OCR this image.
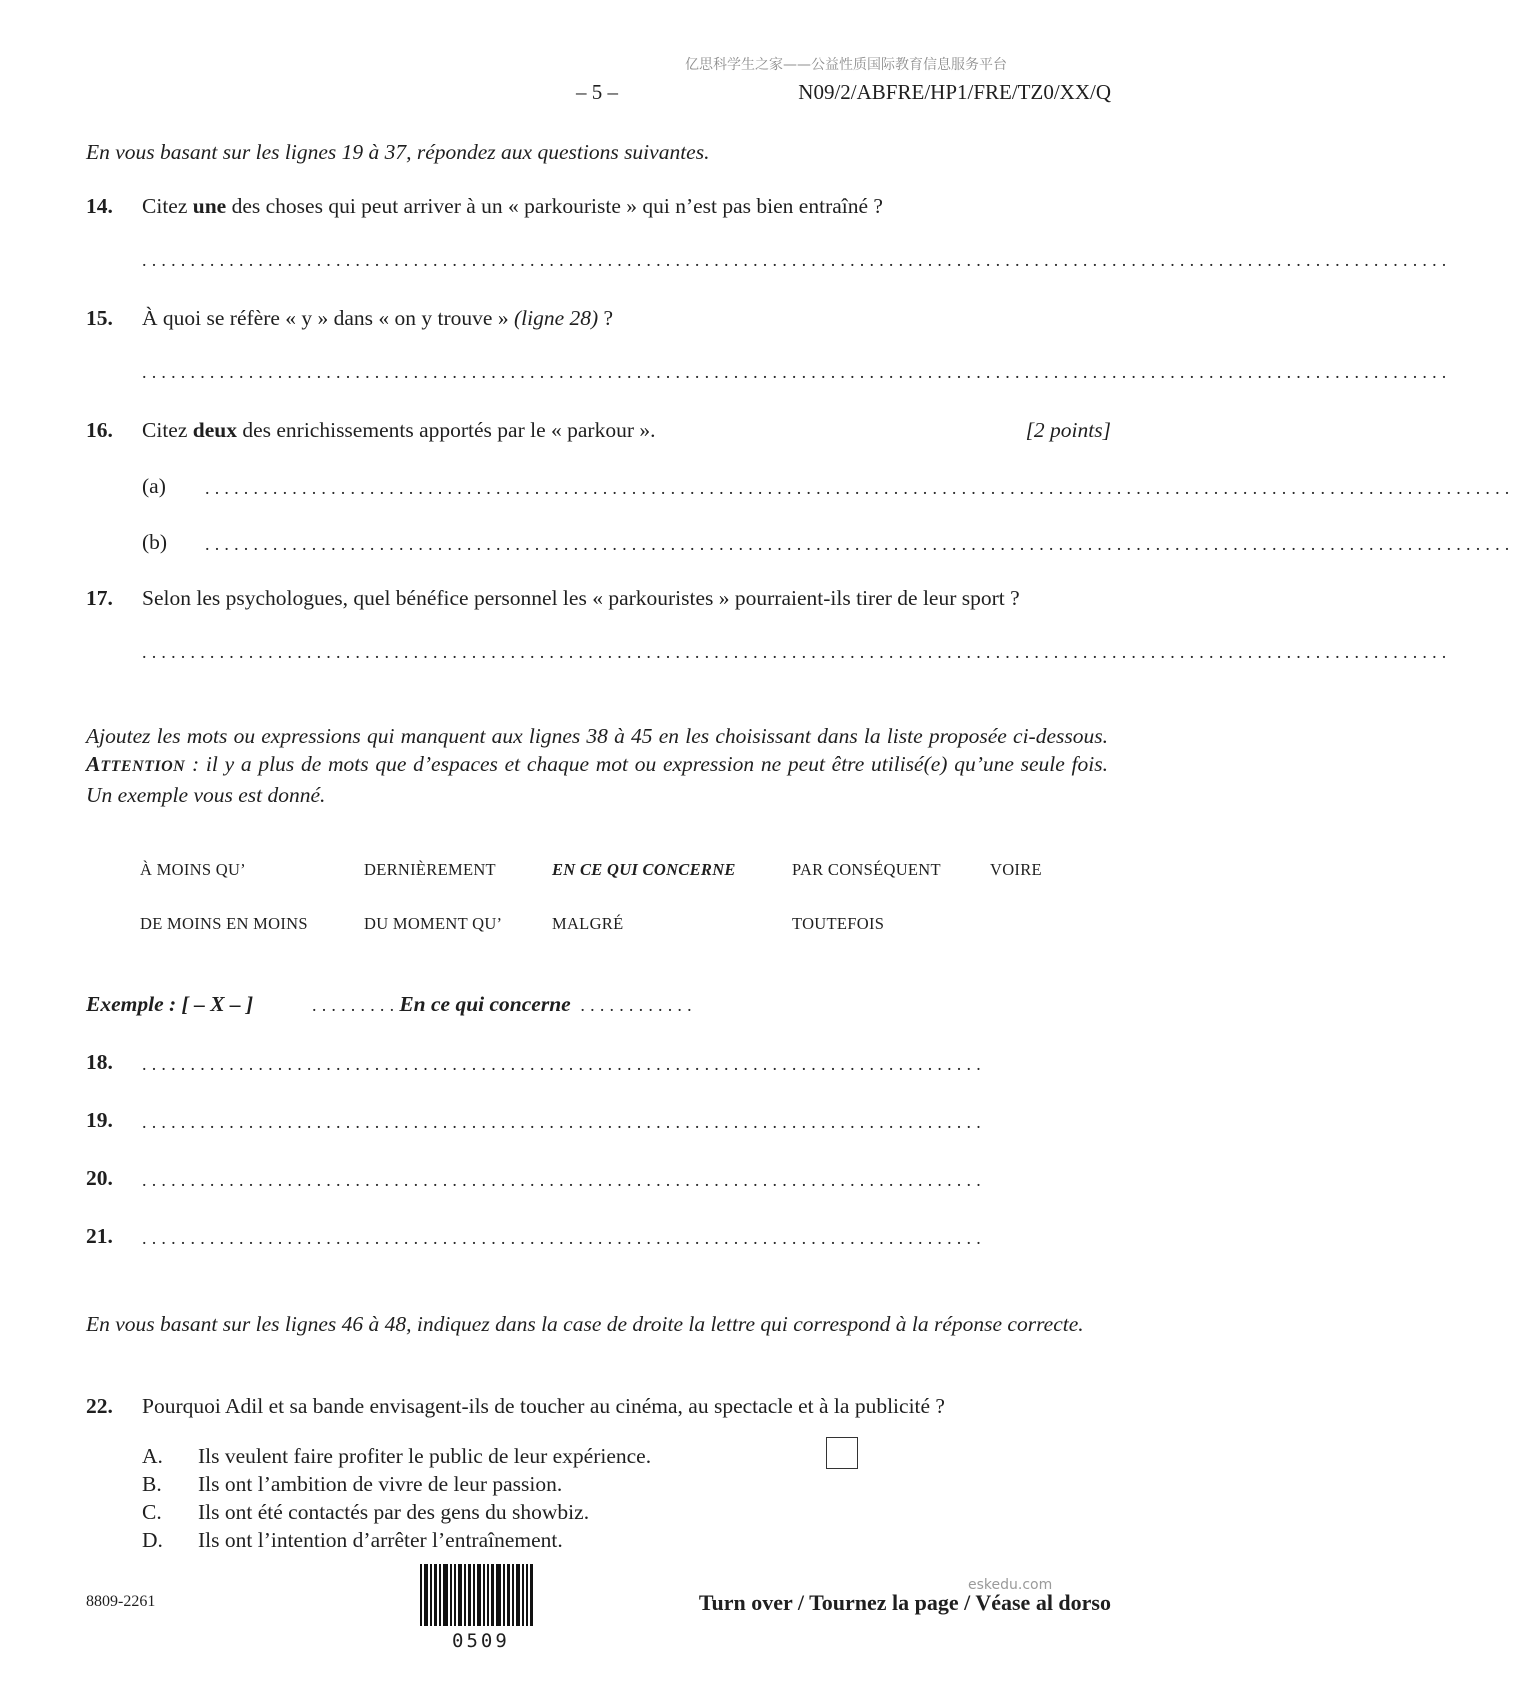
亿思科学生之家——公益性质国际教育信息服务平台
– 5 –	N09/2/ABFRE/HP1/FRE/TZ0/XX/Q
En vous basant sur les lignes 19 à 37, répondez aux questions suivantes.
14. Citez une des choses qui peut arriver à un « parkouriste » qui n’est pas bien entraîné ?
.......................................................................................................................................
15. À quoi se réfère « y » dans « on y trouve » (ligne 28) ?
.......................................................................................................................................
16. Citez deux des enrichissements apportés par le « parkour ».	[2 points]
(a) .......................................................................................................................................
(b) .......................................................................................................................................
17. Selon les psychologues, quel bénéfice personnel les « parkouristes » pourraient-ils tirer de leur sport ?
.......................................................................................................................................
Ajoutez les mots ou expressions qui manquent aux lignes 38 à 45 en les choisissant dans la liste proposée ci-dessous. ATTENTION : il y a plus de mots que d’espaces et chaque mot ou expression ne peut être utilisé(e) qu’une seule fois. Un exemple vous est donné.
À MOINS QU’	DERNIÈREMENT	EN CE QUI CONCERNE	PAR CONSÉQUENT	VOIRE
DE MOINS EN MOINS	DU MOMENT QU’	MALGRÉ	TOUTEFOIS
Exemple : [ – X – ]	.........En ce qui concerne ............
18. .......................................................................................
19. .......................................................................................
20. .......................................................................................
21. .......................................................................................
En vous basant sur les lignes 46 à 48, indiquez dans la case de droite la lettre qui correspond à la réponse correcte.
22. Pourquoi Adil et sa bande envisagent-ils de toucher au cinéma, au spectacle et à la publicité ?
A. Ils veulent faire profiter le public de leur expérience.
B. Ils ont l’ambition de vivre de leur passion.
C. Ils ont été contactés par des gens du showbiz.
D. Ils ont l’intention d’arrêter l’entraînement.
8809-2261
0509
eskedu.com
Turn over / Tournez la page / Véase al dorso
